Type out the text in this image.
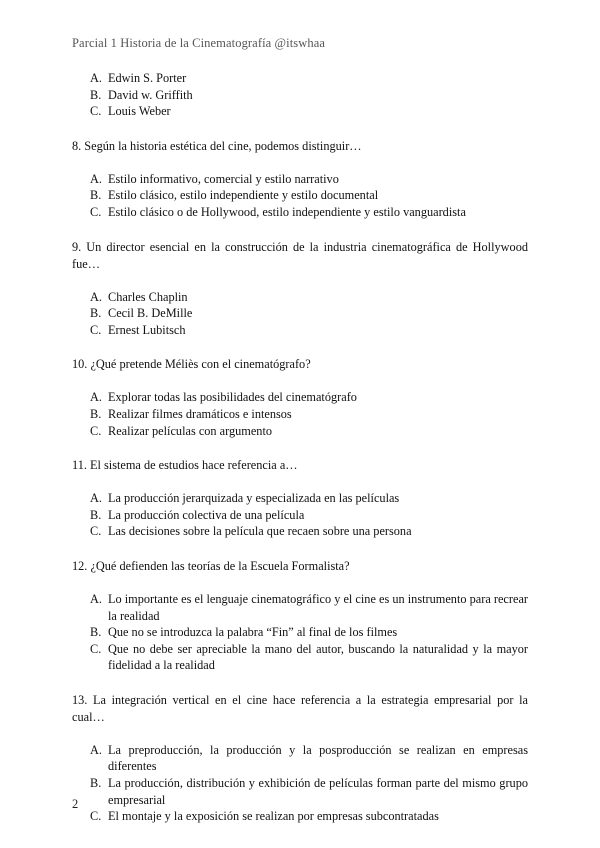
Parcial 1 Historia de la Cinematografía @itswhaa
A. Edwin S. Porter
B. David w. Griffith
C. Louis Weber

8. Según la historia estética del cine, podemos distinguir…

A. Estilo informativo, comercial y estilo narrativo
B. Estilo clásico, estilo independiente y estilo documental
C. Estilo clásico o de Hollywood, estilo independiente y estilo vanguardista

9. Un director esencial en la construcción de la industria cinematográfica de Hollywood fue…

A. Charles Chaplin
B. Cecil B. DeMille
C. Ernest Lubitsch

10. ¿Qué pretende Méliès con el cinematógrafo?

A. Explorar todas las posibilidades del cinematógrafo
B. Realizar filmes dramáticos e intensos
C. Realizar películas con argumento

11. El sistema de estudios hace referencia a…

A. La producción jerarquizada y especializada en las películas
B. La producción colectiva de una película
C. Las decisiones sobre la película que recaen sobre una persona

12. ¿Qué defienden las teorías de la Escuela Formalista?

A. Lo importante es el lenguaje cinematográfico y el cine es un instrumento para recrear la realidad
B. Que no se introduzca la palabra “Fin” al final de los filmes
C. Que no debe ser apreciable la mano del autor, buscando la naturalidad y la mayor fidelidad a la realidad

13. La integración vertical en el cine hace referencia a la estrategia empresarial por la cual…

A. La preproducción, la producción y la posproducción se realizan en empresas diferentes
B. La producción, distribución y exhibición de películas forman parte del mismo grupo empresarial
C. El montaje y la exposición se realizan por empresas subcontratadas
2
